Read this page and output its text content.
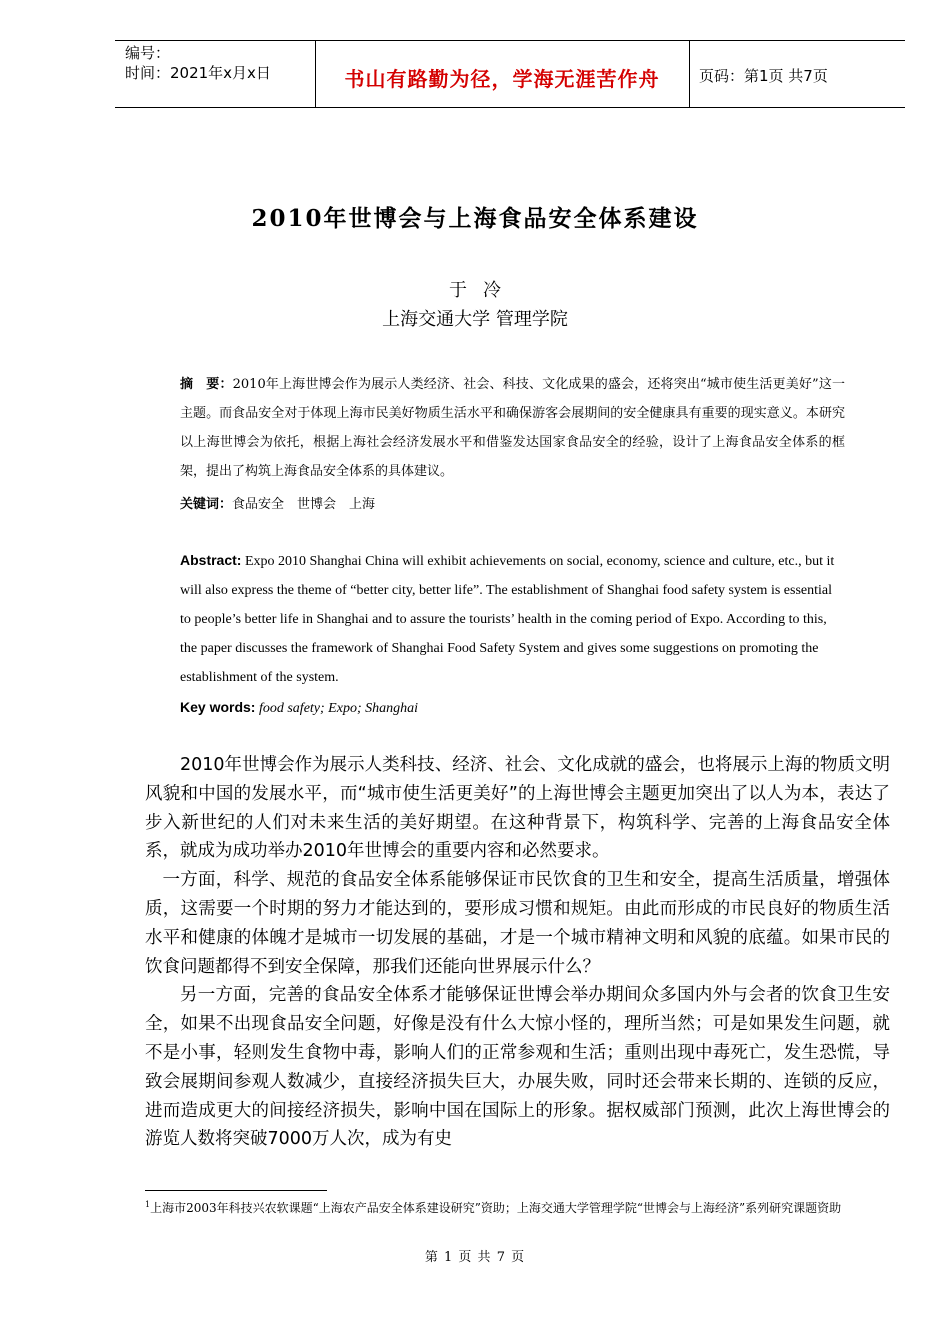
编号：
时间：2021年x月x日	书山有路勤为径，学海无涯苦作舟	页码：第1页 共7页
2010年世博会与上海食品安全体系建设
于冷
上海交通大学 管理学院
摘　要：2010年上海世博会作为展示人类经济、社会、科技、文化成果的盛会，还将突出“城市使生活更美好”这一主题。而食品安全对于体现上海市民美好物质生活水平和确保游客会展期间的安全健康具有重要的现实意义。本研究以上海世博会为依托，根据上海社会经济发展水平和借鉴发达国家食品安全的经验，设计了上海食品安全体系的框架，提出了构筑上海食品安全体系的具体建议。
关键词：食品安全　世博会　上海
Abstract: Expo 2010 Shanghai China will exhibit achievements on social, economy, science and culture, etc., but it will also express the theme of “better city, better life”. The establishment of Shanghai food safety system is essential to people’s better life in Shanghai and to assure the tourists’ health in the coming period of Expo. According to this, the paper discusses the framework of Shanghai Food Safety System and gives some suggestions on promoting the establishment of the system.
Key words: food safety; Expo; Shanghai

2010年世博会作为展示人类科技、经济、社会、文化成就的盛会，也将展示上海的物质文明风貌和中国的发展水平，而“城市使生活更美好”的上海世博会主题更加突出了以人为本，表达了步入新世纪的人们对未来生活的美好期望。在这种背景下，构筑科学、完善的上海食品安全体系，就成为成功举办2010年世博会的重要内容和必然要求。

一方面，科学、规范的食品安全体系能够保证市民饮食的卫生和安全，提高生活质量，增强体质，这需要一个时期的努力才能达到的，要形成习惯和规矩。由此而形成的市民良好的物质生活水平和健康的体魄才是城市一切发展的基础，才是一个城市精神文明和风貌的底蕴。如果市民的饮食问题都得不到安全保障，那我们还能向世界展示什么？

另一方面，完善的食品安全体系才能够保证世博会举办期间众多国内外与会者的饮食卫生安全，如果不出现食品安全问题，好像是没有什么大惊小怪的，理所当然；可是如果发生问题，就不是小事，轻则发生食物中毒，影响人们的正常参观和生活；重则出现中毒死亡，发生恐慌，导致会展期间参观人数减少，直接经济损失巨大，办展失败，同时还会带来长期的、连锁的反应，进而造成更大的间接经济损失，影响中国在国际上的形象。据权威部门预测，此次上海世博会的游览人数将突破7000万人次，成为有史

$^1$上海市2003年科技兴农软课题“上海农产品安全体系建设研究”资助；上海交通大学管理学院“世博会与上海经济”系列研究课题资助
第 1 页 共 7 页
